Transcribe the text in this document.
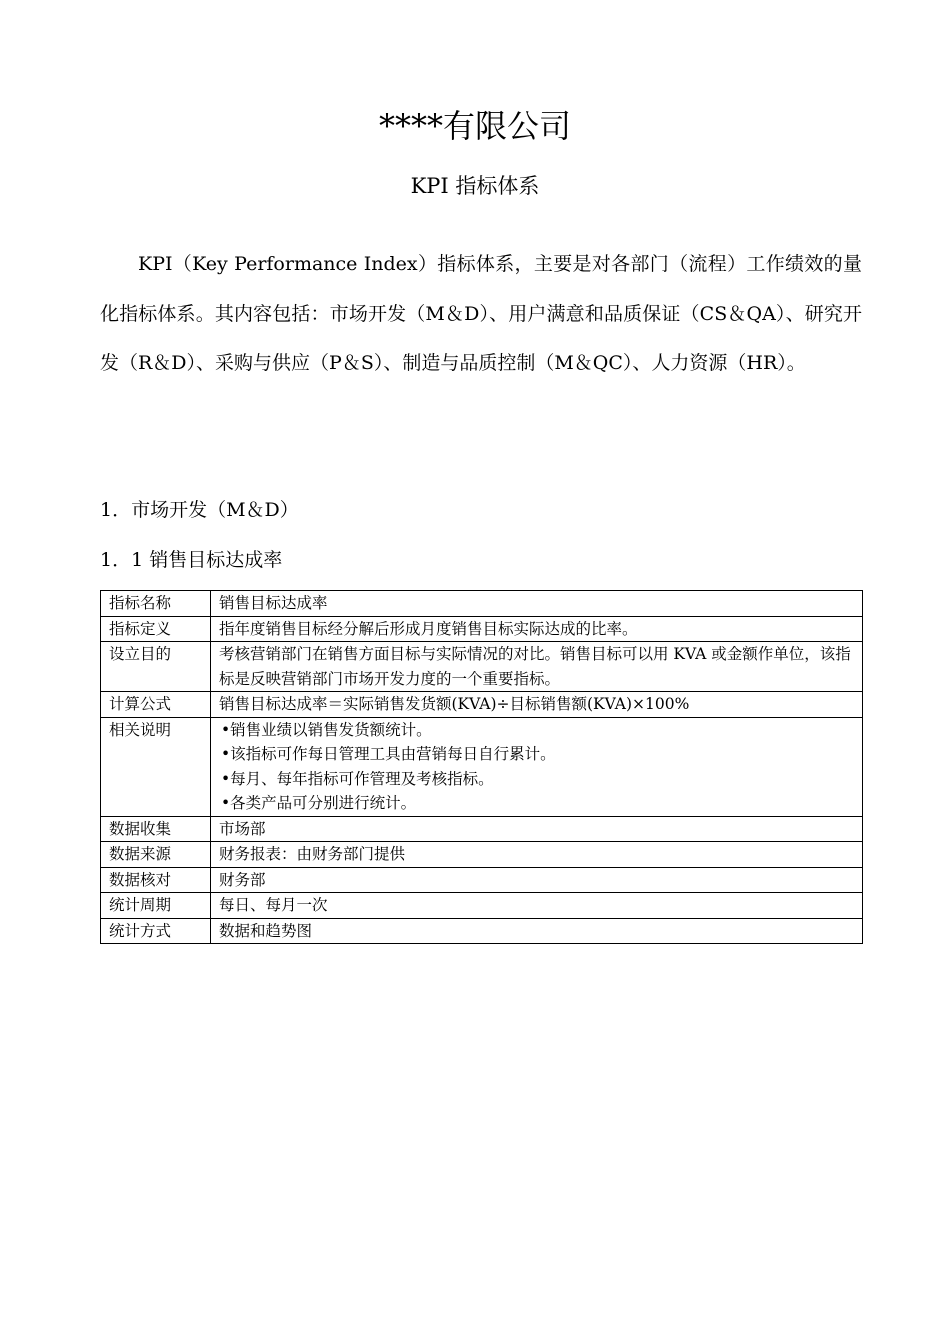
****有限公司
KPI 指标体系

KPI（Key Performance Index）指标体系，主要是对各部门（流程）工作绩效的量化指标体系。其内容包括：市场开发（M＆D）、用户满意和品质保证（CS＆QA）、研究开发（R＆D）、采购与供应（P＆S）、制造与品质控制（M＆QC）、人力资源（HR）。

1．市场开发（M＆D）
1．1 销售目标达成率
指标名称	销售目标达成率
指标定义	指年度销售目标经分解后形成月度销售目标实际达成的比率。
设立目的	考核营销部门在销售方面目标与实际情况的对比。销售目标可以用 KVA 或金额作单位，该指标是反映营销部门市场开发力度的一个重要指标。
计算公式	销售目标达成率＝实际销售发货额(KVA)÷目标销售额(KVA)×100%
相关说明	•销售业绩以销售发货额统计。
•该指标可作每日管理工具由营销每日自行累计。
•每月、每年指标可作管理及考核指标。
•各类产品可分别进行统计。

数据收集	市场部
数据来源	财务报表：由财务部门提供
数据核对	财务部
统计周期	每日、每月一次
统计方式	数据和趋势图
